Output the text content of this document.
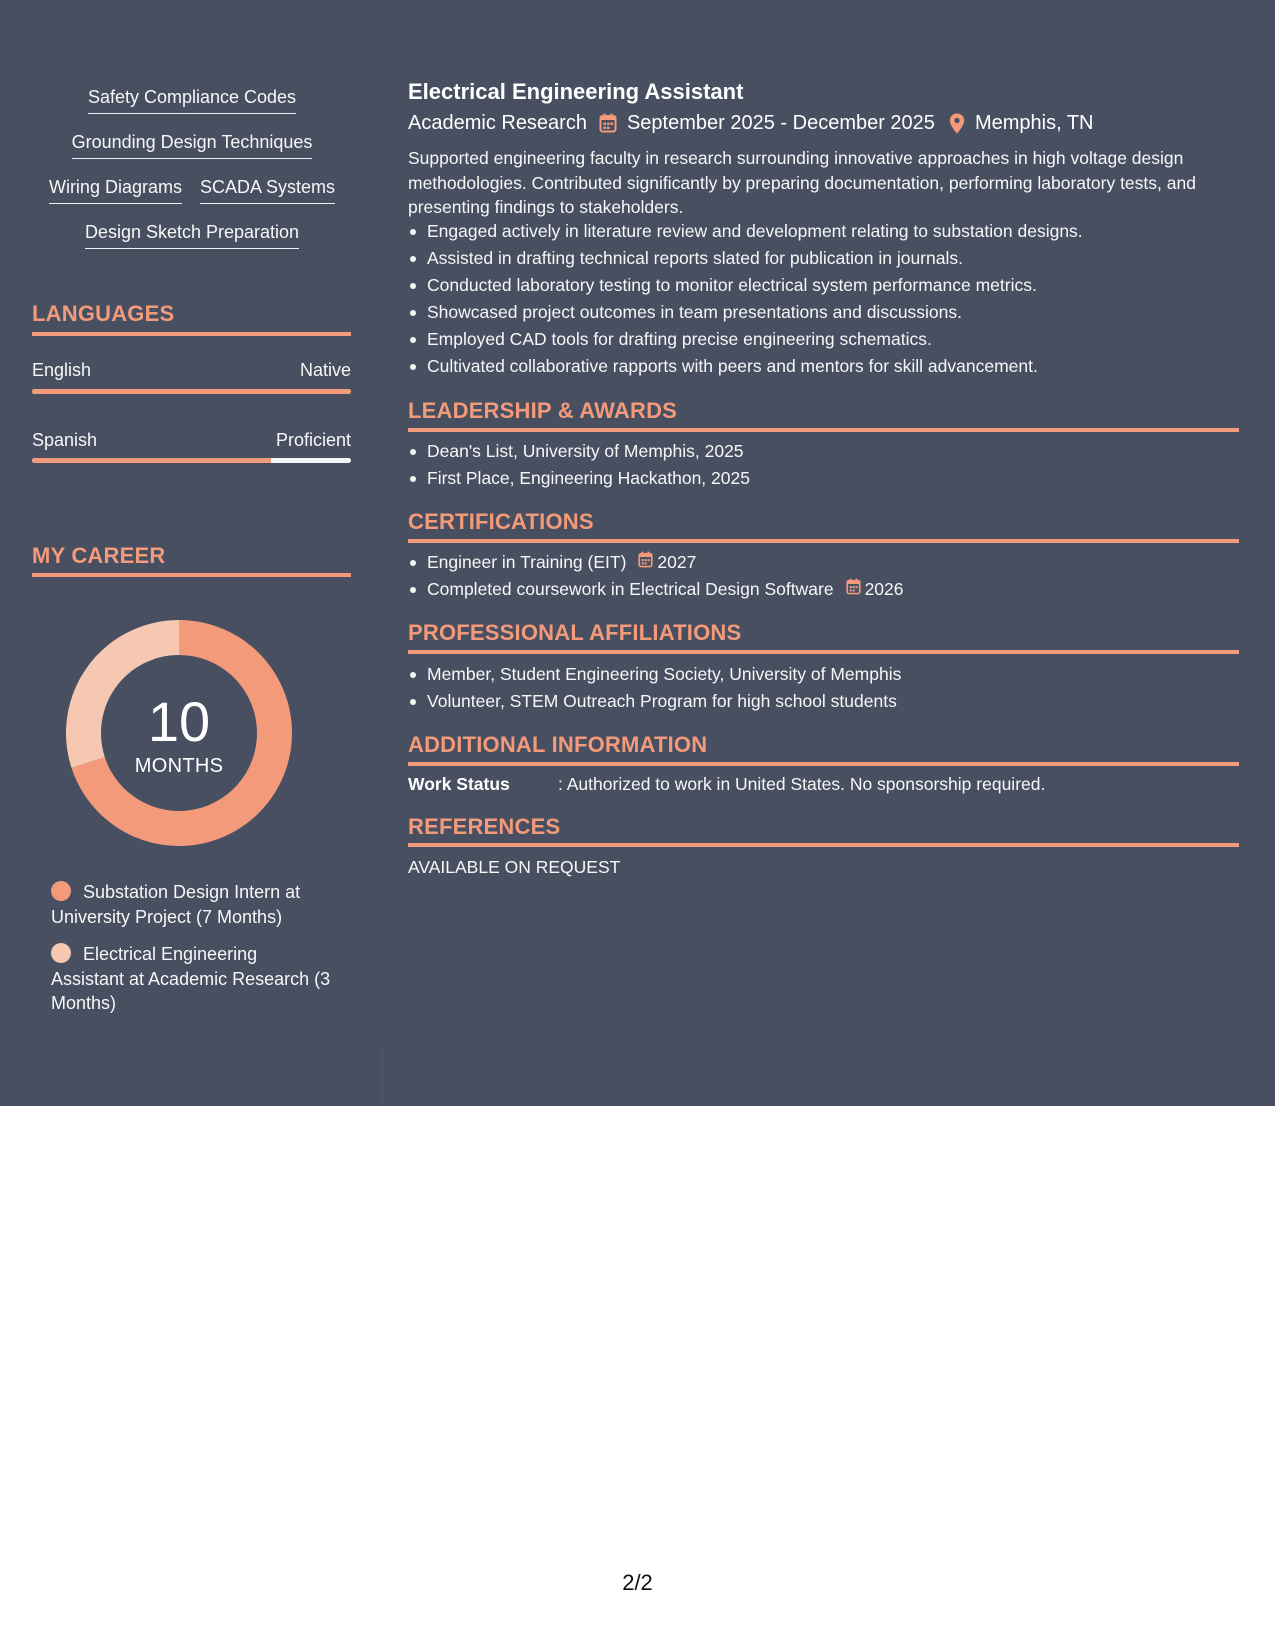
Safety Compliance Codes
Grounding Design Techniques
Wiring Diagrams SCADA Systems
Design Sketch Preparation
LANGUAGES
English	Native
Spanish	Proficient
MY CAREER
10
MONTHS
Substation Design Intern at University Project (7 Months)
Electrical Engineering Assistant at Academic Research (3 Months)
Electrical Engineering Assistant
Academic Research September 2025 - December 2025 Memphis, TN
Supported engineering faculty in research surrounding innovative approaches in high voltage design methodologies. Contributed significantly by preparing documentation, performing laboratory tests, and presenting findings to stakeholders.
Engaged actively in literature review and development relating to substation designs.
Assisted in drafting technical reports slated for publication in journals.
Conducted laboratory testing to monitor electrical system performance metrics.
Showcased project outcomes in team presentations and discussions.
Employed CAD tools for drafting precise engineering schematics.
Cultivated collaborative rapports with peers and mentors for skill advancement.
LEADERSHIP & AWARDS
Dean's List, University of Memphis, 2025
First Place, Engineering Hackathon, 2025
CERTIFICATIONS
Engineer in Training (EIT) 2027
Completed coursework in Electrical Design Software 2026
PROFESSIONAL AFFILIATIONS
Member, Student Engineering Society, University of Memphis
Volunteer, STEM Outreach Program for high school students
ADDITIONAL INFORMATION
Work Status	: Authorized to work in United States. No sponsorship required.
REFERENCES
AVAILABLE ON REQUEST
2/2
